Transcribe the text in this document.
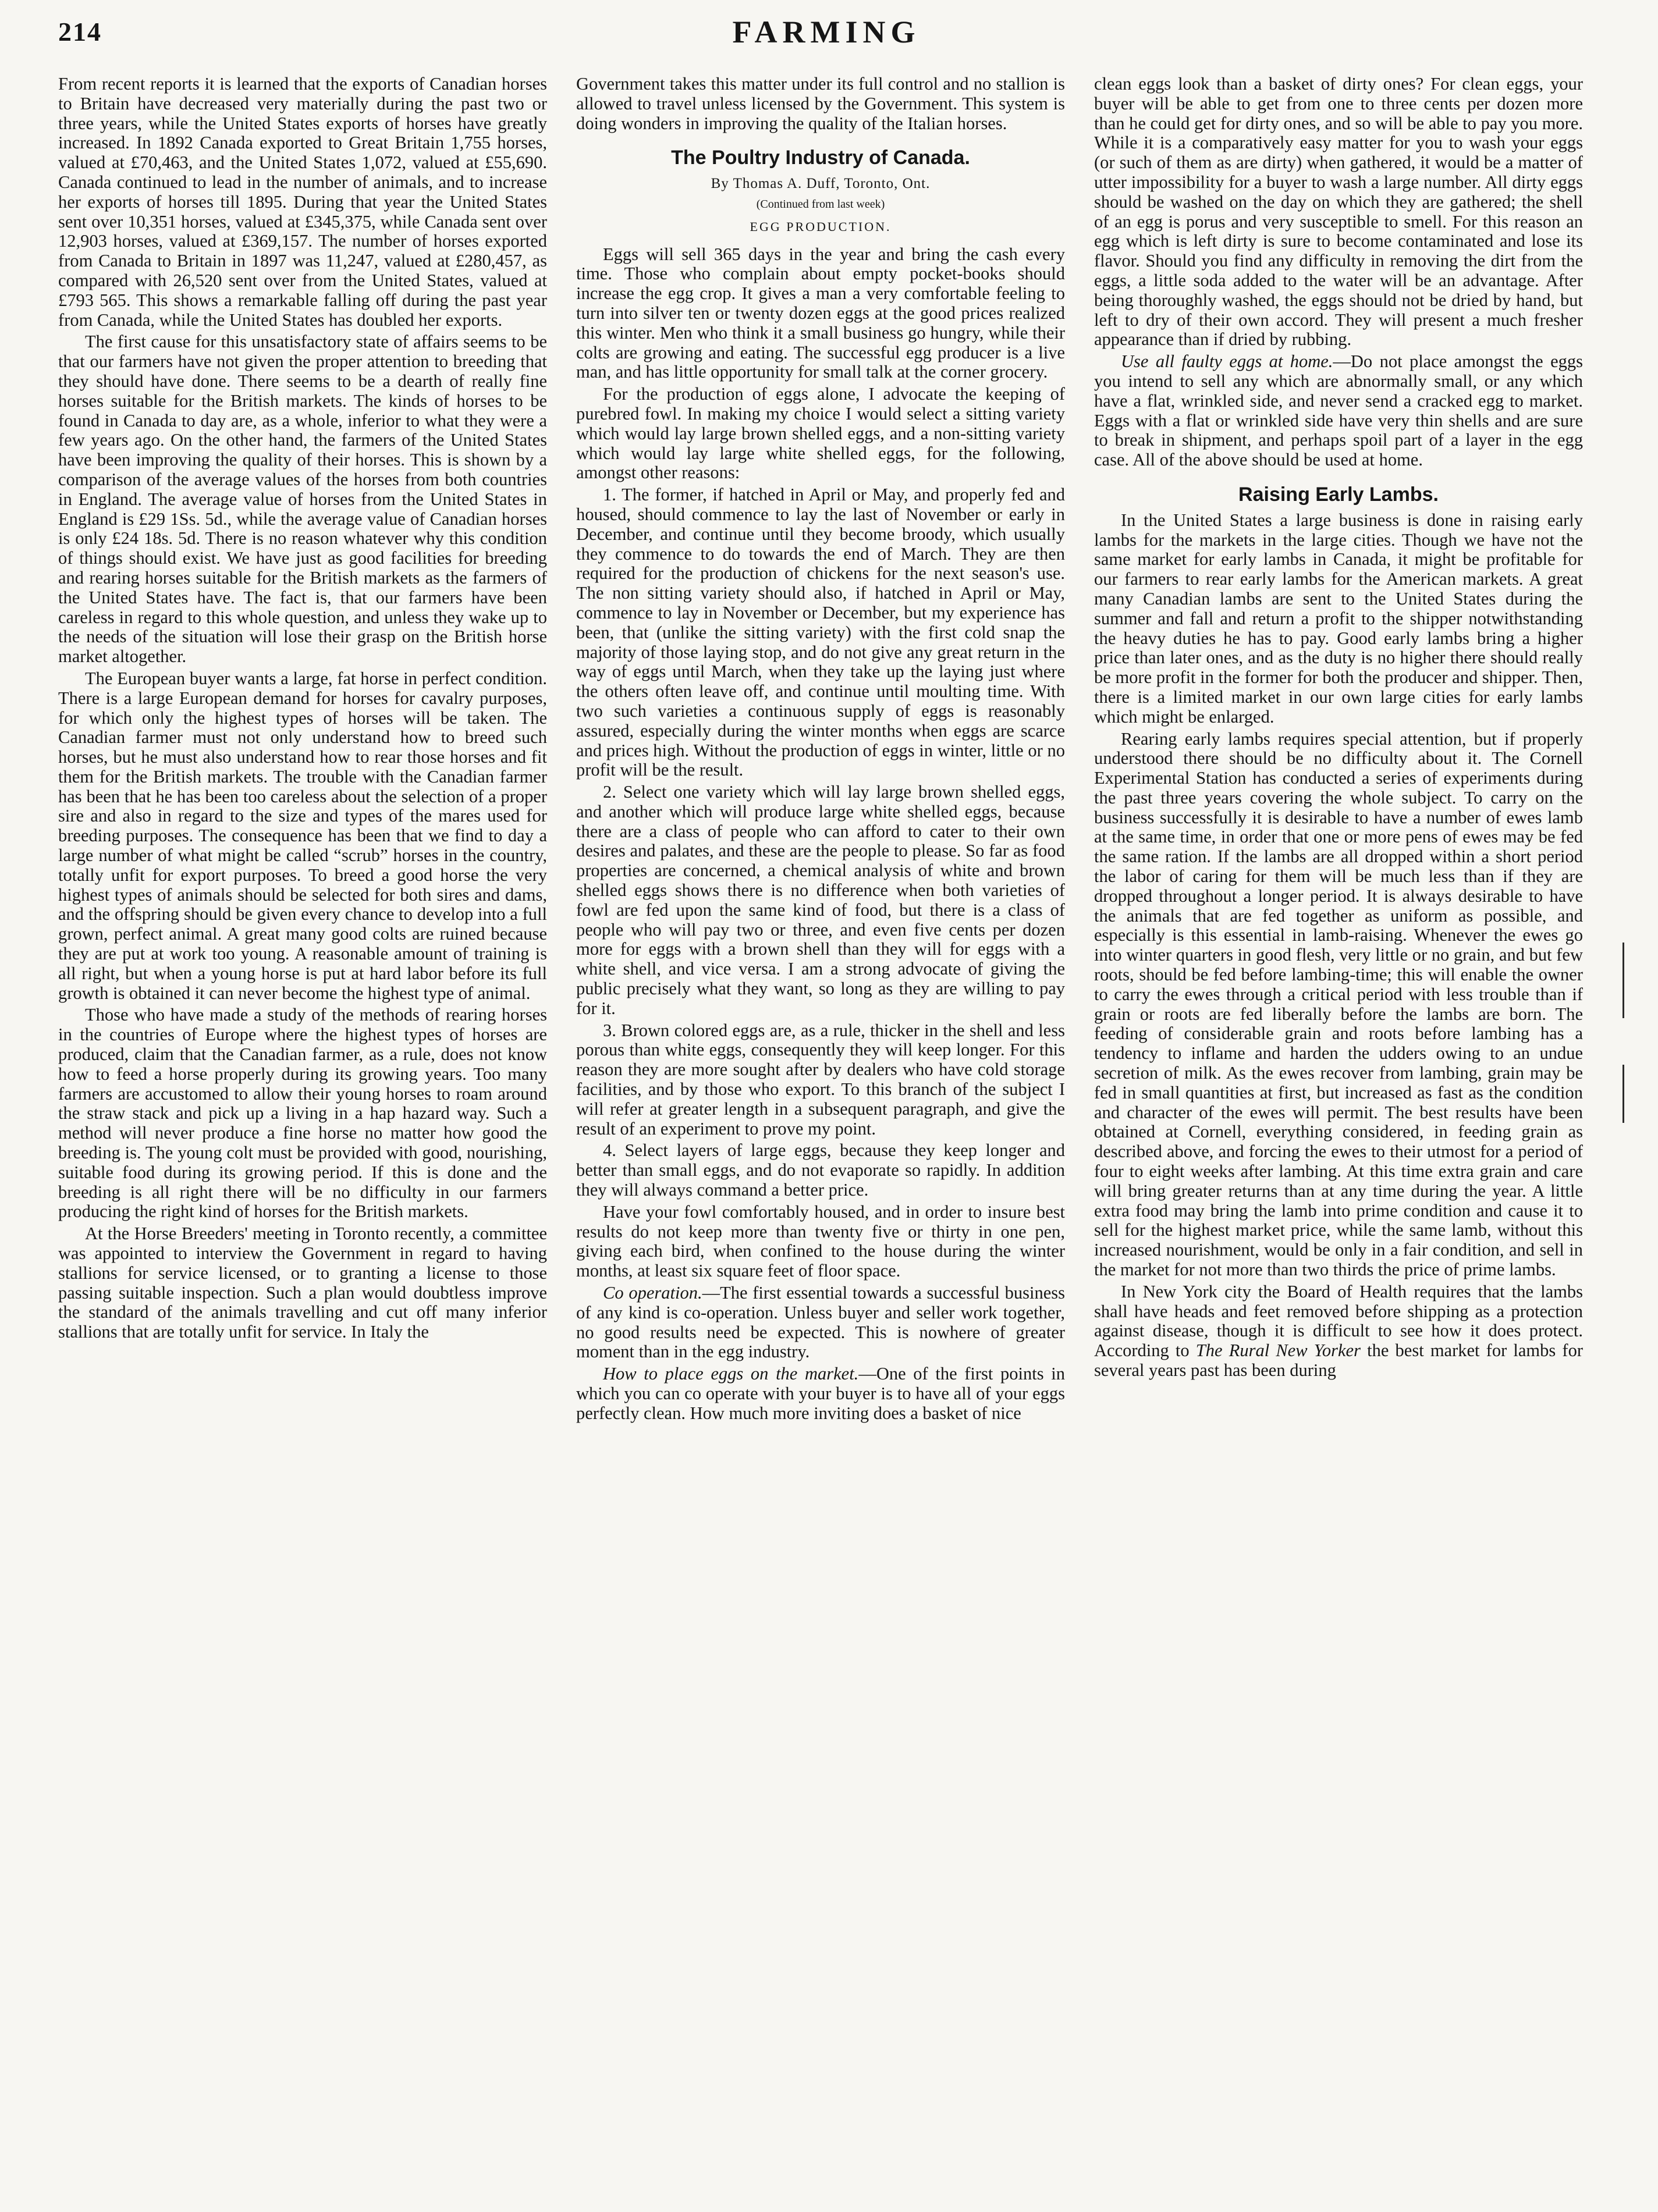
214	FARMING

From recent reports it is learned that the exports of Canadian horses to Britain have decreased very materially during the past two or three years, while the United States exports of horses have greatly increased. In 1892 Canada exported to Great Britain 1,755 horses, valued at £70,463, and the United States 1,072, valued at £55,690. Canada continued to lead in the number of animals, and to increase her exports of horses till 1895. During that year the United States sent over 10,351 horses, valued at £345,375, while Canada sent over 12,903 horses, valued at £369,157. The number of horses exported from Canada to Britain in 1897 was 11,247, valued at £280,457, as compared with 26,520 sent over from the United States, valued at £793 565. This shows a remarkable falling off during the past year from Canada, while the United States has doubled her exports.

The first cause for this unsatisfactory state of affairs seems to be that our farmers have not given the proper attention to breeding that they should have done. There seems to be a dearth of really fine horses suitable for the British markets. The kinds of horses to be found in Canada to day are, as a whole, inferior to what they were a few years ago. On the other hand, the farmers of the United States have been improving the quality of their horses. This is shown by a comparison of the average values of the horses from both countries in England. The average value of horses from the United States in England is £29 1Ss. 5d., while the average value of Canadian horses is only £24 18s. 5d. There is no reason whatever why this condition of things should exist. We have just as good facilities for breeding and rearing horses suitable for the British markets as the farmers of the United States have. The fact is, that our farmers have been careless in regard to this whole question, and unless they wake up to the needs of the situation will lose their grasp on the British horse market altogether.

The European buyer wants a large, fat horse in perfect condition. There is a large European demand for horses for cavalry purposes, for which only the highest types of horses will be taken. The Canadian farmer must not only understand how to breed such horses, but he must also understand how to rear those horses and fit them for the British markets. The trouble with the Canadian farmer has been that he has been too careless about the selection of a proper sire and also in regard to the size and types of the mares used for breeding purposes. The consequence has been that we find to day a large number of what might be called “scrub” horses in the country, totally unfit for export purposes. To breed a good horse the very highest types of animals should be selected for both sires and dams, and the offspring should be given every chance to develop into a full grown, perfect animal. A great many good colts are ruined because they are put at work too young. A reasonable amount of training is all right, but when a young horse is put at hard labor before its full growth is obtained it can never become the highest type of animal.

Those who have made a study of the methods of rearing horses in the countries of Europe where the highest types of horses are produced, claim that the Canadian farmer, as a rule, does not know how to feed a horse properly during its growing years. Too many farmers are accustomed to allow their young horses to roam around the straw stack and pick up a living in a hap hazard way. Such a method will never produce a fine horse no matter how good the breeding is. The young colt must be provided with good, nourishing, suitable food during its growing period. If this is done and the breeding is all right there will be no difficulty in our farmers producing the right kind of horses for the British markets.

At the Horse Breeders' meeting in Toronto recently, a committee was appointed to interview the Government in regard to having stallions for service licensed, or to granting a license to those passing suitable inspection. Such a plan would doubtless improve the standard of the animals travelling and cut off many inferior stallions that are totally unfit for service. In Italy the

Government takes this matter under its full control and no stallion is allowed to travel unless licensed by the Government. This system is doing wonders in improving the quality of the Italian horses.

The Poultry Industry of Canada.
By Thomas A. Duff, Toronto, Ont.
(Continued from last week)
EGG PRODUCTION.

Eggs will sell 365 days in the year and bring the cash every time. Those who complain about empty pocket-books should increase the egg crop. It gives a man a very comfortable feeling to turn into silver ten or twenty dozen eggs at the good prices realized this winter. Men who think it a small business go hungry, while their colts are growing and eating. The successful egg producer is a live man, and has little opportunity for small talk at the corner grocery.

For the production of eggs alone, I advocate the keeping of purebred fowl. In making my choice I would select a sitting variety which would lay large brown shelled eggs, and a non-sitting variety which would lay large white shelled eggs, for the following, amongst other reasons:

1. The former, if hatched in April or May, and properly fed and housed, should commence to lay the last of November or early in December, and continue until they become broody, which usually they commence to do towards the end of March. They are then required for the production of chickens for the next season's use. The non sitting variety should also, if hatched in April or May, commence to lay in November or December, but my experience has been, that (unlike the sitting variety) with the first cold snap the majority of those laying stop, and do not give any great return in the way of eggs until March, when they take up the laying just where the others often leave off, and continue until moulting time. With two such varieties a continuous supply of eggs is reasonably assured, especially during the winter months when eggs are scarce and prices high. Without the production of eggs in winter, little or no profit will be the result.

2. Select one variety which will lay large brown shelled eggs, and another which will produce large white shelled eggs, because there are a class of people who can afford to cater to their own desires and palates, and these are the people to please. So far as food properties are concerned, a chemical analysis of white and brown shelled eggs shows there is no difference when both varieties of fowl are fed upon the same kind of food, but there is a class of people who will pay two or three, and even five cents per dozen more for eggs with a brown shell than they will for eggs with a white shell, and vice versa. I am a strong advocate of giving the public precisely what they want, so long as they are willing to pay for it.

3. Brown colored eggs are, as a rule, thicker in the shell and less porous than white eggs, consequently they will keep longer. For this reason they are more sought after by dealers who have cold storage facilities, and by those who export. To this branch of the subject I will refer at greater length in a subsequent paragraph, and give the result of an experiment to prove my point.

4. Select layers of large eggs, because they keep longer and better than small eggs, and do not evaporate so rapidly. In addition they will always command a better price.

Have your fowl comfortably housed, and in order to insure best results do not keep more than twenty five or thirty in one pen, giving each bird, when confined to the house during the winter months, at least six square feet of floor space.

Co operation.—The first essential towards a successful business of any kind is co-operation. Unless buyer and seller work together, no good results need be expected. This is nowhere of greater moment than in the egg industry.

How to place eggs on the market.—One of the first points in which you can co operate with your buyer is to have all of your eggs perfectly clean. How much more inviting does a basket of nice

clean eggs look than a basket of dirty ones? For clean eggs, your buyer will be able to get from one to three cents per dozen more than he could get for dirty ones, and so will be able to pay you more. While it is a comparatively easy matter for you to wash your eggs (or such of them as are dirty) when gathered, it would be a matter of utter impossibility for a buyer to wash a large number. All dirty eggs should be washed on the day on which they are gathered; the shell of an egg is porus and very susceptible to smell. For this reason an egg which is left dirty is sure to become contaminated and lose its flavor. Should you find any difficulty in removing the dirt from the eggs, a little soda added to the water will be an advantage. After being thoroughly washed, the eggs should not be dried by hand, but left to dry of their own accord. They will present a much fresher appearance than if dried by rubbing.

Use all faulty eggs at home.—Do not place amongst the eggs you intend to sell any which are abnormally small, or any which have a flat, wrinkled side, and never send a cracked egg to market. Eggs with a flat or wrinkled side have very thin shells and are sure to break in shipment, and perhaps spoil part of a layer in the egg case. All of the above should be used at home.

Raising Early Lambs.

In the United States a large business is done in raising early lambs for the markets in the large cities. Though we have not the same market for early lambs in Canada, it might be profitable for our farmers to rear early lambs for the American markets. A great many Canadian lambs are sent to the United States during the summer and fall and return a profit to the shipper notwithstanding the heavy duties he has to pay. Good early lambs bring a higher price than later ones, and as the duty is no higher there should really be more profit in the former for both the producer and shipper. Then, there is a limited market in our own large cities for early lambs which might be enlarged.

Rearing early lambs requires special attention, but if properly understood there should be no difficulty about it. The Cornell Experimental Station has conducted a series of experiments during the past three years covering the whole subject. To carry on the business successfully it is desirable to have a number of ewes lamb at the same time, in order that one or more pens of ewes may be fed the same ration. If the lambs are all dropped within a short period the labor of caring for them will be much less than if they are dropped throughout a longer period. It is always desirable to have the animals that are fed together as uniform as possible, and especially is this essential in lamb-raising. Whenever the ewes go into winter quarters in good flesh, very little or no grain, and but few roots, should be fed before lambing-time; this will enable the owner to carry the ewes through a critical period with less trouble than if grain or roots are fed liberally before the lambs are born. The feeding of considerable grain and roots before lambing has a tendency to inflame and harden the udders owing to an undue secretion of milk. As the ewes recover from lambing, grain may be fed in small quantities at first, but increased as fast as the condition and character of the ewes will permit. The best results have been obtained at Cornell, everything considered, in feeding grain as described above, and forcing the ewes to their utmost for a period of four to eight weeks after lambing. At this time extra grain and care will bring greater returns than at any time during the year. A little extra food may bring the lamb into prime condition and cause it to sell for the highest market price, while the same lamb, without this increased nourishment, would be only in a fair condition, and sell in the market for not more than two thirds the price of prime lambs.

In New York city the Board of Health requires that the lambs shall have heads and feet removed before shipping as a protection against disease, though it is difficult to see how it does protect. According to The Rural New Yorker the best market for lambs for several years past has been during
